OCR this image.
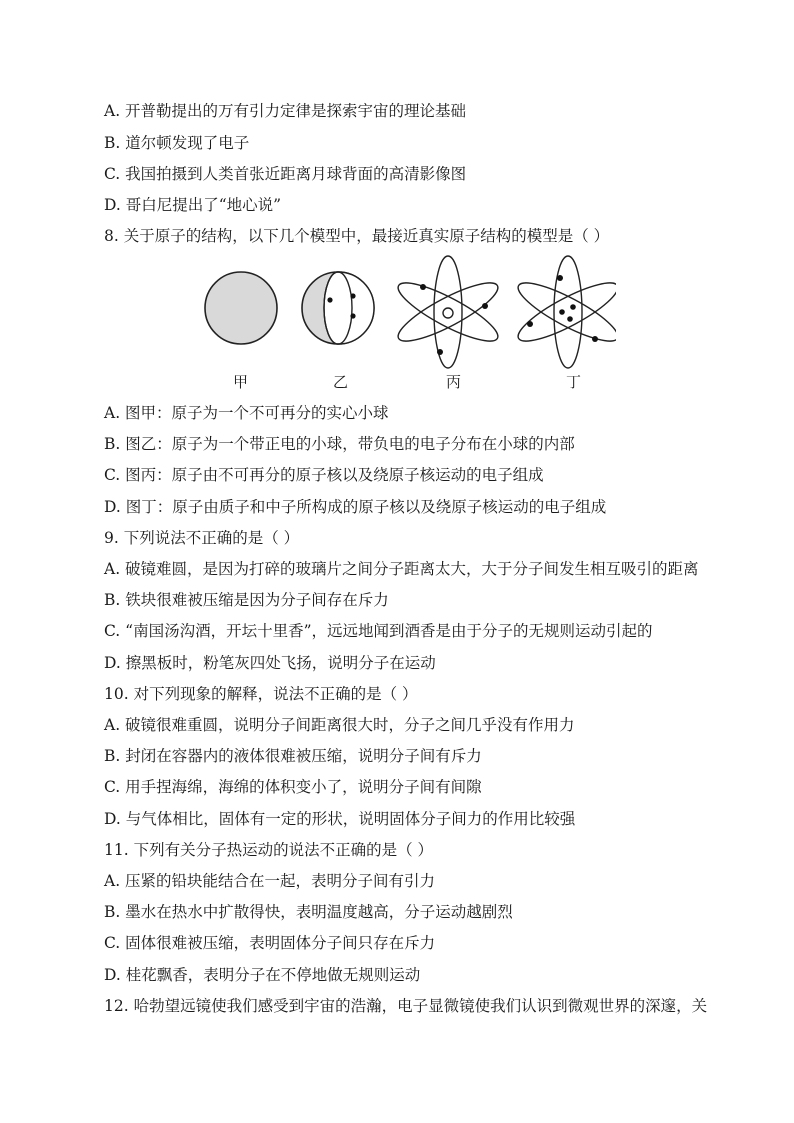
A. 开普勒提出的万有引力定律是探索宇宙的理论基础
B. 道尔顿发现了电子
C. 我国拍摄到人类首张近距离月球背面的高清影像图
D. 哥白尼提出了“地心说”
8. 关于原子的结构，以下几个模型中，最接近真实原子结构的模型是（ ）
甲	乙	丙	丁
A. 图甲：原子为一个不可再分的实心小球
B. 图乙：原子为一个带正电的小球，带负电的电子分布在小球的内部
C. 图丙：原子由不可再分的原子核以及绕原子核运动的电子组成
D. 图丁：原子由质子和中子所构成的原子核以及绕原子核运动的电子组成
9. 下列说法不正确的是（ ）
A. 破镜难圆，是因为打碎的玻璃片之间分子距离太大，大于分子间发生相互吸引的距离
B. 铁块很难被压缩是因为分子间存在斥力
C. “南国汤沟酒，开坛十里香”，远远地闻到酒香是由于分子的无规则运动引起的
D. 擦黑板时，粉笔灰四处飞扬，说明分子在运动
10. 对下列现象的解释，说法不正确的是（ ）
A. 破镜很难重圆，说明分子间距离很大时，分子之间几乎没有作用力
B. 封闭在容器内的液体很难被压缩，说明分子间有斥力
C. 用手捏海绵，海绵的体积变小了，说明分子间有间隙
D. 与气体相比，固体有一定的形状，说明固体分子间力的作用比较强
11. 下列有关分子热运动的说法不正确的是（ ）
A. 压紧的铅块能结合在一起，表明分子间有引力
B. 墨水在热水中扩散得快，表明温度越高，分子运动越剧烈
C. 固体很难被压缩，表明固体分子间只存在斥力
D. 桂花飘香，表明分子在不停地做无规则运动
12. 哈勃望远镜使我们感受到宇宙的浩瀚，电子显微镜使我们认识到微观世界的深邃，关
